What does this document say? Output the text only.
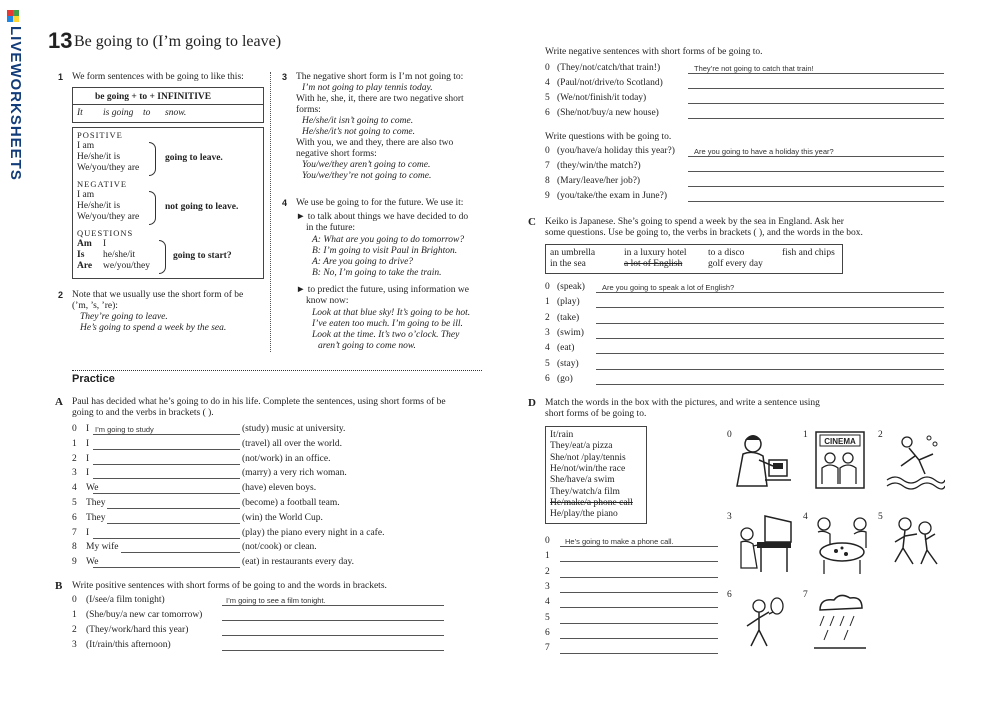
LIVEWORKSHEETS 13 Be going to (I’m going to leave)
1 We form sentences with be going to like this:
be going + to + INFINITIVE
It is going to snow.
POSITIVE
I am
He/she/it is
We/you/they are
going to leave.
NEGATIVE
I am
He/she/it is
We/you/they are
not going to leave.
QUESTIONS
Am I
Is he/she/it
Are we/you/they
going to start?
2 Note that we usually use the short form of be
(’m, ’s, ’re):
They’re going to leave.
He’s going to spend a week by the sea.
3 The negative short form is I’m not going to:
I’m not going to play tennis today.
With he, she, it, there are two negative short
forms:
He/she/it isn’t going to come.
He/she/it’s not going to come.
With you, we and they, there are also two
negative short forms:
You/we/they aren’t going to come.
You/we/they’re not going to come.
4 We use be going to for the future. We use it:
► to talk about things we have decided to do
in the future:
A: What are you going to do tomorrow?
B: I’m going to visit Paul in Brighton.
A: Are you going to drive?
B: No, I’m going to take the train.
► to predict the future, using information we
know now:
Look at that blue sky! It’s going to be hot.
I’ve eaten too much. I’m going to be ill.
Look at the time. It’s two o’clock. They
aren’t going to come now.
Practice
A Paul has decided what he’s going to do in his life. Complete the sentences, using short forms of be
going to and the verbs in brackets ( ).
0 I I’m going to study	(study) music at university.
1 I	(travel) all over the world.
2 I	(not/work) in an office.
3 I	(marry) a very rich woman.
4 We	(have) eleven boys.
5 They	(become) a football team.
6 They	(win) the World Cup.
7 I	(play) the piano every night in a cafe.
8 My wife	(not/cook) or clean.
9 We	(eat) in restaurants every day.
B Write positive sentences with short forms of be going to and the words in brackets.
0 (I/see/a film tonight)	I’m going to see a film tonight.
1 (She/buy/a new car tomorrow)
2 (They/work/hard this year)
3 (It/rain/this afternoon)
Write negative sentences with short forms of be going to.
0 (They/not/catch/that train!)	They’re not going to catch that train!
4 (Paul/not/drive/to Scotland)
5 (We/not/finish/it today)
6 (She/not/buy/a new house)
Write questions with be going to.
0 (you/have/a holiday this year?)	Are you going to have a holiday this year?
7 (they/win/the match?)
8 (Mary/leave/her job?)
9 (you/take/the exam in June?)
C Keiko is Japanese. She’s going to spend a week by the sea in England. Ask her
some questions. Use be going to, the verbs in brackets ( ), and the words in the box.
an umbrella
in the sea
in a luxury hotel
a lot of English
to a disco
golf every day
fish and chips
0 (speak) Are you going to speak a lot of English?
1 (play)
2 (take)
3 (swim)
4 (eat)
5 (stay)
6 (go)
D Match the words in the box with the pictures, and write a sentence using
short forms of be going to.
It/rain
They/eat/a pizza
She/not /play/tennis
He/not/win/the race
She/have/a swim
They/watch/a film
He/make/a phone call
He/play/the piano
0 He’s going to make a phone call.
1
2
3
4
5
6
7
0	1	2
3	4	5
6	7
CINEMA
